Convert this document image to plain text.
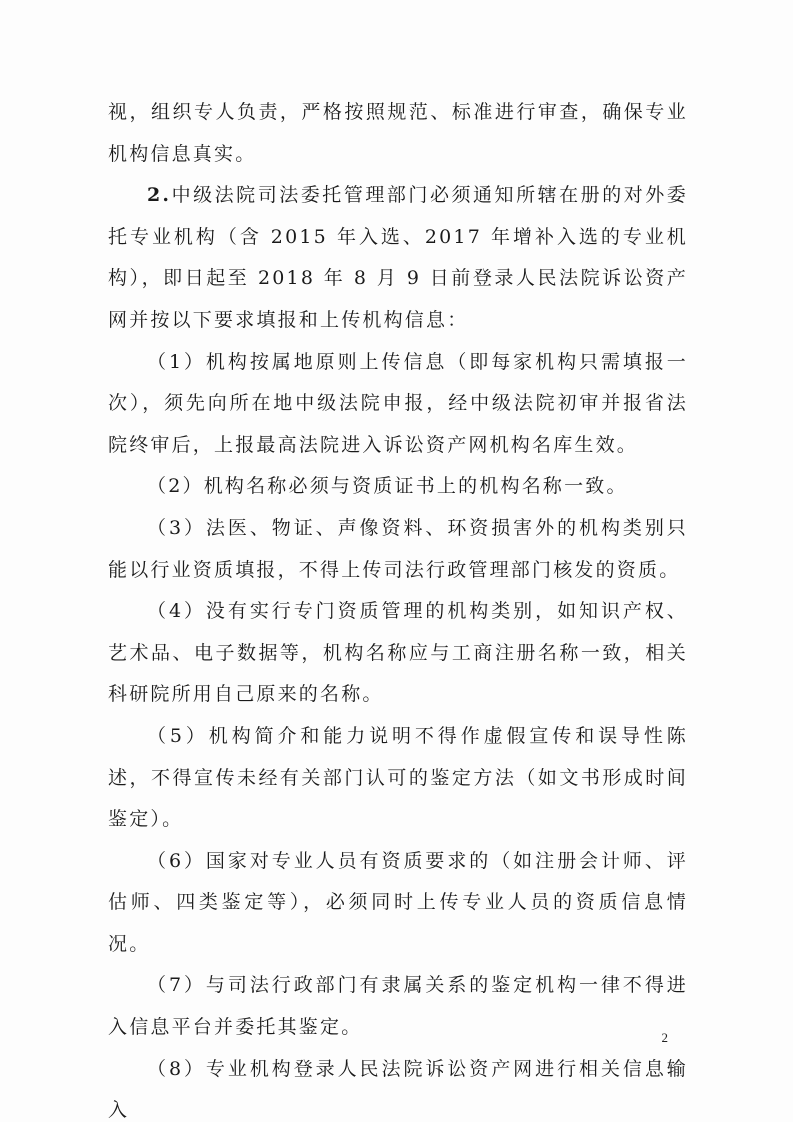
视，组织专人负责，严格按照规范、标准进行审查，确保专业机构信息真实。

2.中级法院司法委托管理部门必须通知所辖在册的对外委托专业机构（含 2015 年入选、2017 年增补入选的专业机构），即日起至 2018 年 8 月 9 日前登录人民法院诉讼资产网并按以下要求填报和上传机构信息：

（1）机构按属地原则上传信息（即每家机构只需填报一次），须先向所在地中级法院申报，经中级法院初审并报省法院终审后，上报最高法院进入诉讼资产网机构名库生效。

（2）机构名称必须与资质证书上的机构名称一致。

（3）法医、物证、声像资料、环资损害外的机构类别只能以行业资质填报，不得上传司法行政管理部门核发的资质。

（4）没有实行专门资质管理的机构类别，如知识产权、艺术品、电子数据等，机构名称应与工商注册名称一致，相关科研院所用自己原来的名称。

（5）机构简介和能力说明不得作虚假宣传和误导性陈述，不得宣传未经有关部门认可的鉴定方法（如文书形成时间鉴定）。

（6）国家对专业人员有资质要求的（如注册会计师、评估师、四类鉴定等），必须同时上传专业人员的资质信息情况。

（7）与司法行政部门有隶属关系的鉴定机构一律不得进入信息平台并委托其鉴定。

（8）专业机构登录人民法院诉讼资产网进行相关信息输入

2
